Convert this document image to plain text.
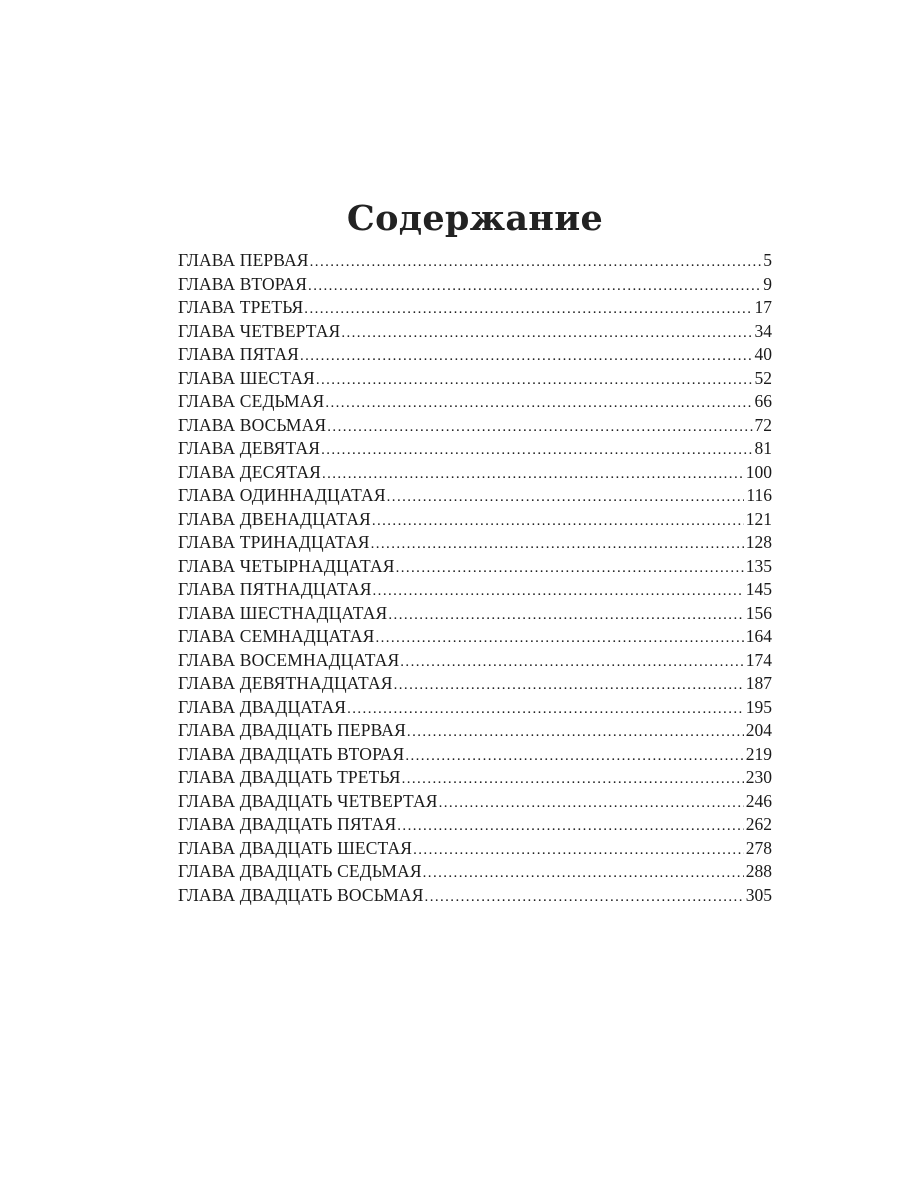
Содержание
ГЛАВА ПЕРВАЯ .....	5
ГЛАВА ВТОРАЯ .....	9
ГЛАВА ТРЕТЬЯ .....	17
ГЛАВА ЧЕТВЕРТАЯ .....	34
ГЛАВА ПЯТАЯ .....	40
ГЛАВА ШЕСТАЯ .....	52
ГЛАВА СЕДЬМАЯ .....	66
ГЛАВА ВОСЬМАЯ .....	72
ГЛАВА ДЕВЯТАЯ .....	81
ГЛАВА ДЕСЯТАЯ .....	100
ГЛАВА ОДИННАДЦАТАЯ .....	116
ГЛАВА ДВЕНАДЦАТАЯ .....	121
ГЛАВА ТРИНАДЦАТАЯ .....	128
ГЛАВА ЧЕТЫРНАДЦАТАЯ .....	135
ГЛАВА ПЯТНАДЦАТАЯ .....	145
ГЛАВА ШЕСТНАДЦАТАЯ .....	156
ГЛАВА СЕМНАДЦАТАЯ .....	164
ГЛАВА ВОСЕМНАДЦАТАЯ .....	174
ГЛАВА ДЕВЯТНАДЦАТАЯ .....	187
ГЛАВА ДВАДЦАТАЯ .....	195
ГЛАВА ДВАДЦАТЬ ПЕРВАЯ .....	204
ГЛАВА ДВАДЦАТЬ ВТОРАЯ .....	219
ГЛАВА ДВАДЦАТЬ ТРЕТЬЯ .....	230
ГЛАВА ДВАДЦАТЬ ЧЕТВЕРТАЯ .....	246
ГЛАВА ДВАДЦАТЬ ПЯТАЯ .....	262
ГЛАВА ДВАДЦАТЬ ШЕСТАЯ .....	278
ГЛАВА ДВАДЦАТЬ СЕДЬМАЯ .....	288
ГЛАВА ДВАДЦАТЬ ВОСЬМАЯ .....	305
